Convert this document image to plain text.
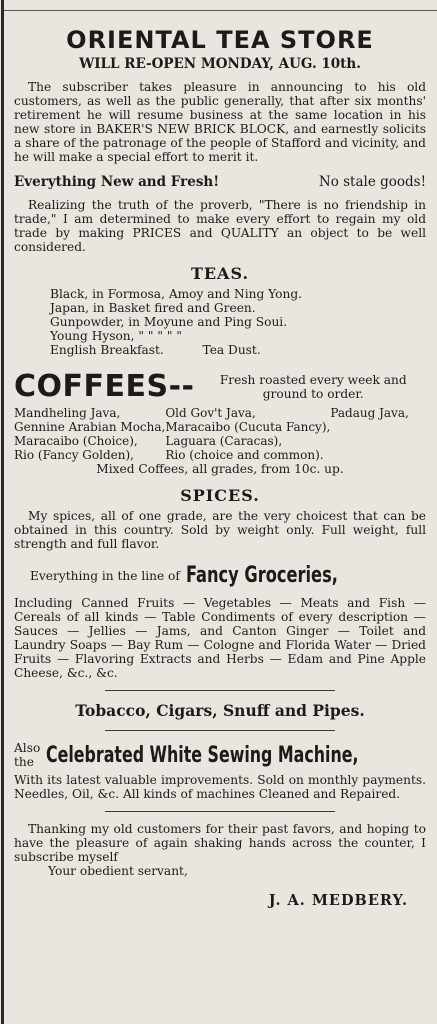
ORIENTAL TEA STORE
WILL RE-OPEN MONDAY, AUG. 10th.

The subscriber takes pleasure in announcing to his old customers, as well as the public generally, that after six months' retirement he will resume business at the same location in his new store in BAKER'S NEW BRICK BLOCK, and earnestly solicits a share of the patronage of the people of Stafford and vicinity, and he will make a special effort to merit it.

Everything New and Fresh!	No stale goods!

Realizing the truth of the proverb, "There is no friendship in trade," I am determined to make every effort to regain my old trade by making PRICES and QUALITY an object to be well considered.

TEAS.
Black, in Formosa, Amoy and Ning Yong.
Japan, in Basket fired and Green.
Gunpowder, in Moyune and Ping Soui.
Young Hyson, " " " " "
English Breakfast.          Tea Dust.
COFFEES--	Fresh roasted every week and ground to order.
Mandheling Java,	Old Gov't Java,	Padaug Java,
Gennine Arabian Mocha, Maracaibo (Cucuta Fancy),
Maracaibo (Choice),	Laguara (Caracas),
Rio (Fancy Golden),	Rio (choice and common).
Mixed Coffees, all grades, from 10c. up.
SPICES.

My spices, all of one grade, are the very choicest that can be obtained in this country. Sold by weight only. Full weight, full strength and full flavor.

Everything in the line of Fancy Groceries,

Including Canned Fruits — Vegetables — Meats and Fish — Cereals of all kinds — Table Condiments of every description — Sauces — Jellies — Jams, and Canton Ginger — Toilet and Laundry Soaps — Bay Rum — Cologne and Florida Water — Dried Fruits — Flavoring Extracts and Herbs — Edam and Pine Apple Cheese, &c., &c.

Tobacco, Cigars, Snuff and Pipes.
Also the Celebrated White Sewing Machine,

With its latest valuable improvements. Sold on monthly payments. Needles, Oil, &c. All kinds of machines Cleaned and Repaired.

Thanking my old customers for their past favors, and hoping to have the pleasure of again shaking hands across the counter, I subscribe myself

Your obedient servant,
J. A. MEDBERY.
